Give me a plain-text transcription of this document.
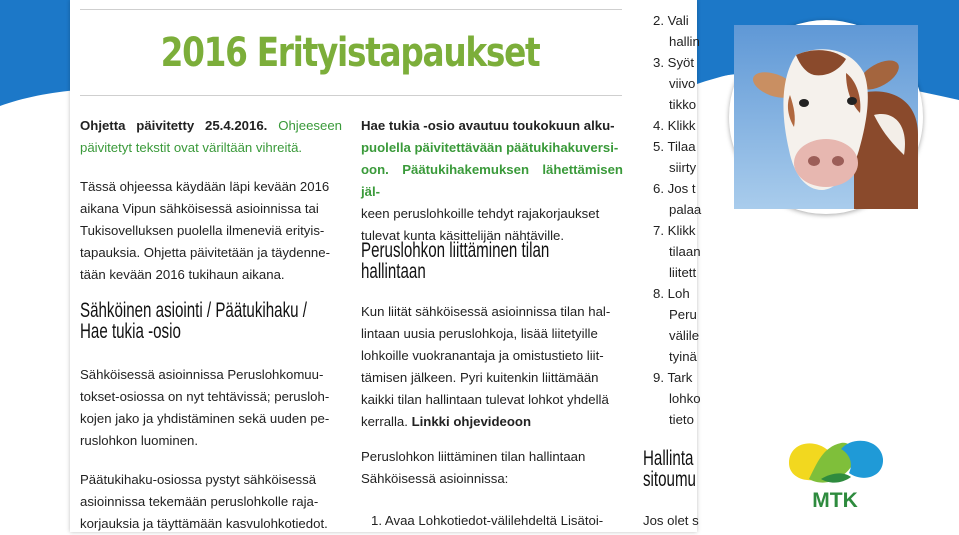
2016 Erityistapaukset

Ohjetta päivitetty 25.4.2016. Ohjeeseen päivitetyt tekstit ovat väriltään vihreitä.

Tässä ohjeessa käydään läpi kevään 2016
aikana Vipun sähköisessä asioinnissa tai
Tukisovelluksen puolella ilmeneviä erityis-
tapauksia. Ohjetta päivitetään ja täydenne-
tään kevään 2016 tukihaun aikana.

Sähköinen asiointi / Päätukihaku /
Hae tukia -osio

Sähköisessä asioinnissa Peruslohkomuu-
tokset-osiossa on nyt tehtävissä; perusloh-
kojen jako ja yhdistäminen sekä uuden pe-
ruslohkon luominen.

Päätukihaku-osiossa pystyt sähköisessä
asioinnissa tekemään peruslohkolle raja-
korjauksia ja täyttämään kasvulohkotiedot.

Hae tukia -osio avautuu toukokuun alku-
puolella päivitettävään päätukihakuversi-
oon. Päätukihakemuksen lähettämisen jäl-
keen peruslohkoille tehdyt rajakorjaukset
tulevat kunta käsittelijän nähtäville.

Peruslohkon liittäminen tilan
hallintaan

Kun liität sähköisessä asioinnissa tilan hal-
lintaan uusia peruslohkoja, lisää liitetyille
lohkoille vuokranantaja ja omistustieto liit-
tämisen jälkeen. Pyri kuitenkin liittämään
kaikki tilan hallintaan tulevat lohkot yhdellä
kerralla. Linkki ohjevideoon

Peruslohkon liittäminen tilan hallintaan
Sähköisessä asioinnissa:

1. Avaa Lohkotiedot-välilehdeltä Lisätoi-
2. Vali
hallin
3. Syöt
viivo
tikko
4. Klikk
5. Tilaa
siirty
6. Jos t
palaa
7. Klikk
tilaan
liitett
8. Loh
Peru
välile
tyinä
9. Tark
lohko
tieto
Hallinta
sitoumu
Jos olet s
MTK
